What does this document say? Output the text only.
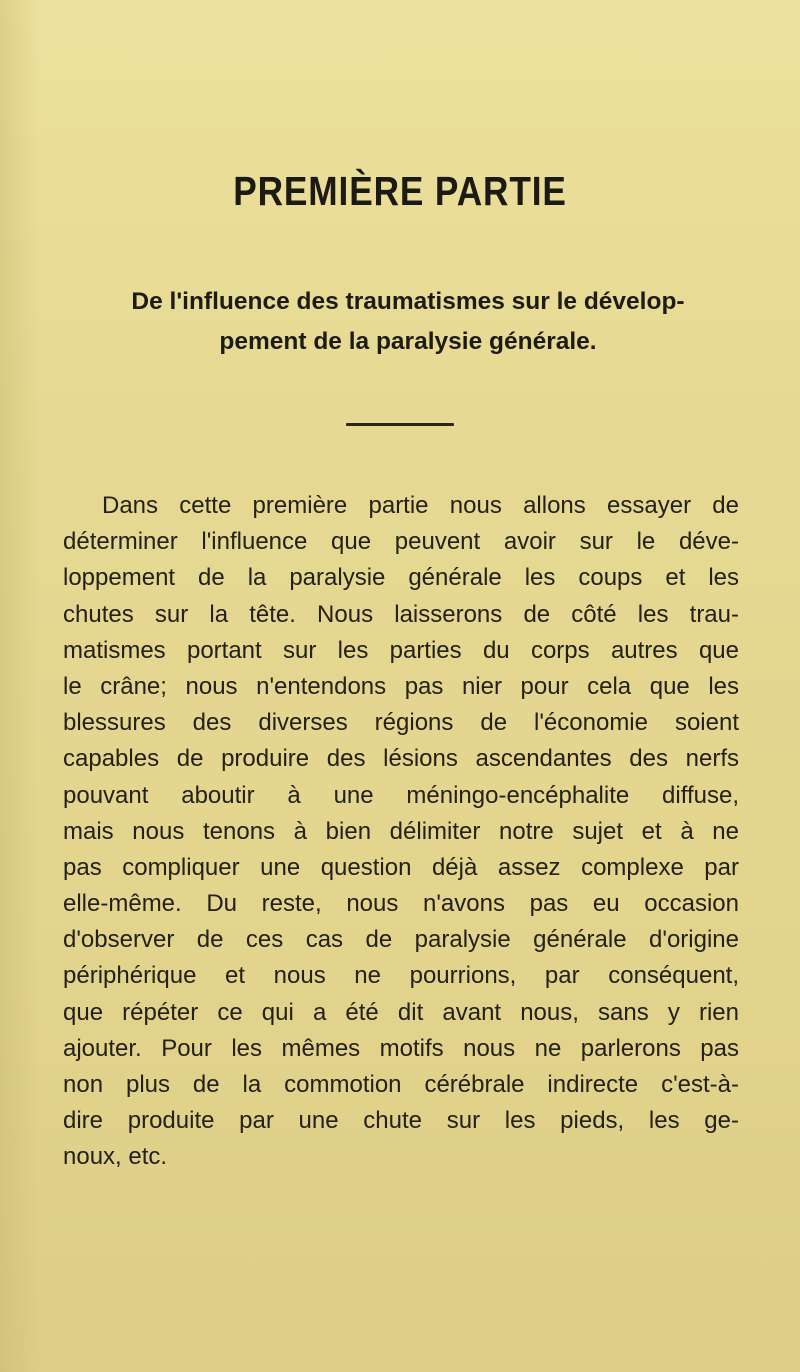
PREMIÈRE PARTIE
De l'influence des traumatismes sur le dévelop-
pement de la paralysie générale.
Dans cette première partie nous allons essayer de
déterminer l'influence que peuvent avoir sur le déve-
loppement de la paralysie générale les coups et les
chutes sur la tête. Nous laisserons de côté les trau-
matismes portant sur les parties du corps autres que
le crâne; nous n'entendons pas nier pour cela que les
blessures des diverses régions de l'économie soient
capables de produire des lésions ascendantes des nerfs
pouvant aboutir à une méningo-encéphalite diffuse,
mais nous tenons à bien délimiter notre sujet et à ne
pas compliquer une question déjà assez complexe par
elle-même. Du reste, nous n'avons pas eu occasion
d'observer de ces cas de paralysie générale d'origine
périphérique et nous ne pourrions, par conséquent,
que répéter ce qui a été dit avant nous, sans y rien
ajouter. Pour les mêmes motifs nous ne parlerons pas
non plus de la commotion cérébrale indirecte c'est-à-
dire produite par une chute sur les pieds, les ge-
noux, etc.
